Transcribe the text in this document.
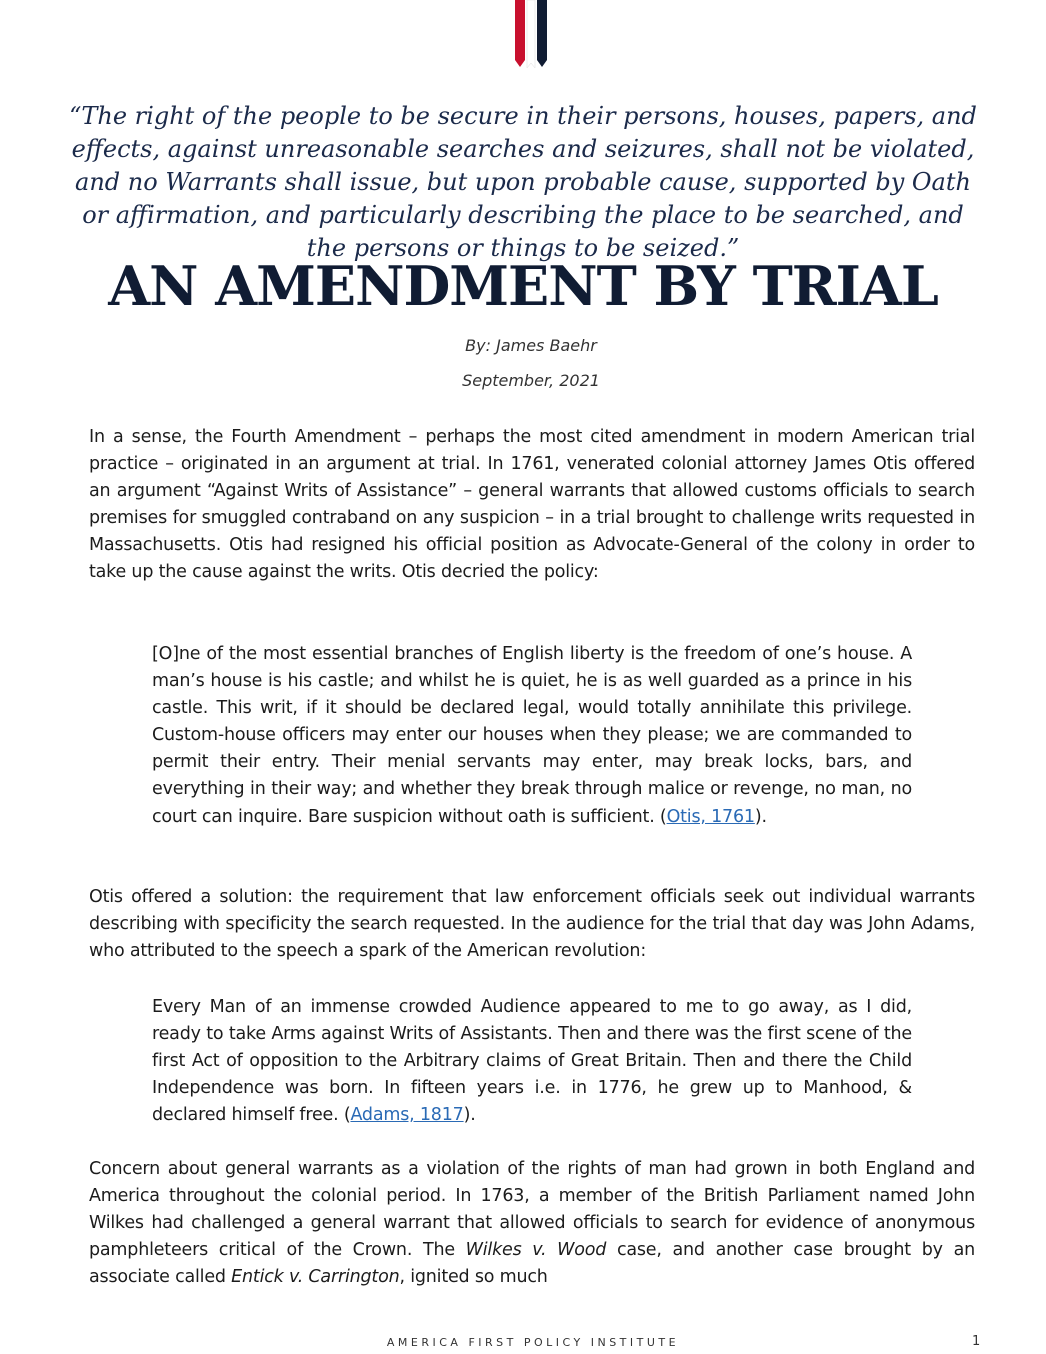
“The right of the people to be secure in their persons, houses, papers, and effects, against unreasonable searches and seizures, shall not be violated, and no Warrants shall issue, but upon probable cause, supported by Oath or affirmation, and particularly describing the place to be searched, and the persons or things to be seized.”
AN AMENDMENT BY TRIAL
By: James Baehr
September, 2021
In a sense, the Fourth Amendment – perhaps the most cited amendment in modern American trial practice – originated in an argument at trial. In 1761, venerated colonial attorney James Otis offered an argument “Against Writs of Assistance” – general warrants that allowed customs officials to search premises for smuggled contraband on any suspicion – in a trial brought to challenge writs requested in Massachusetts. Otis had resigned his official position as Advocate-General of the colony in order to take up the cause against the writs. Otis decried the policy:
[O]ne of the most essential branches of English liberty is the freedom of one’s house. A man’s house is his castle; and whilst he is quiet, he is as well guarded as a prince in his castle. This writ, if it should be declared legal, would totally annihilate this privilege. Custom-house officers may enter our houses when they please; we are commanded to permit their entry. Their menial servants may enter, may break locks, bars, and everything in their way; and whether they break through malice or revenge, no man, no court can inquire. Bare suspicion without oath is sufficient. (Otis, 1761).
Otis offered a solution: the requirement that law enforcement officials seek out individual warrants describing with specificity the search requested. In the audience for the trial that day was John Adams, who attributed to the speech a spark of the American revolution:
Every Man of an immense crowded Audience appeared to me to go away, as I did, ready to take Arms against Writs of Assistants. Then and there was the first scene of the first Act of opposition to the Arbitrary claims of Great Britain. Then and there the Child Independence was born. In fifteen years i.e. in 1776, he grew up to Manhood, & declared himself free. (Adams, 1817).
Concern about general warrants as a violation of the rights of man had grown in both England and America throughout the colonial period. In 1763, a member of the British Parliament named John Wilkes had challenged a general warrant that allowed officials to search for evidence of anonymous pamphleteers critical of the Crown. The Wilkes v. Wood case, and another case brought by an associate called Entick v. Carrington, ignited so much
AMERICA FIRST POLICY INSTITUTE	1
